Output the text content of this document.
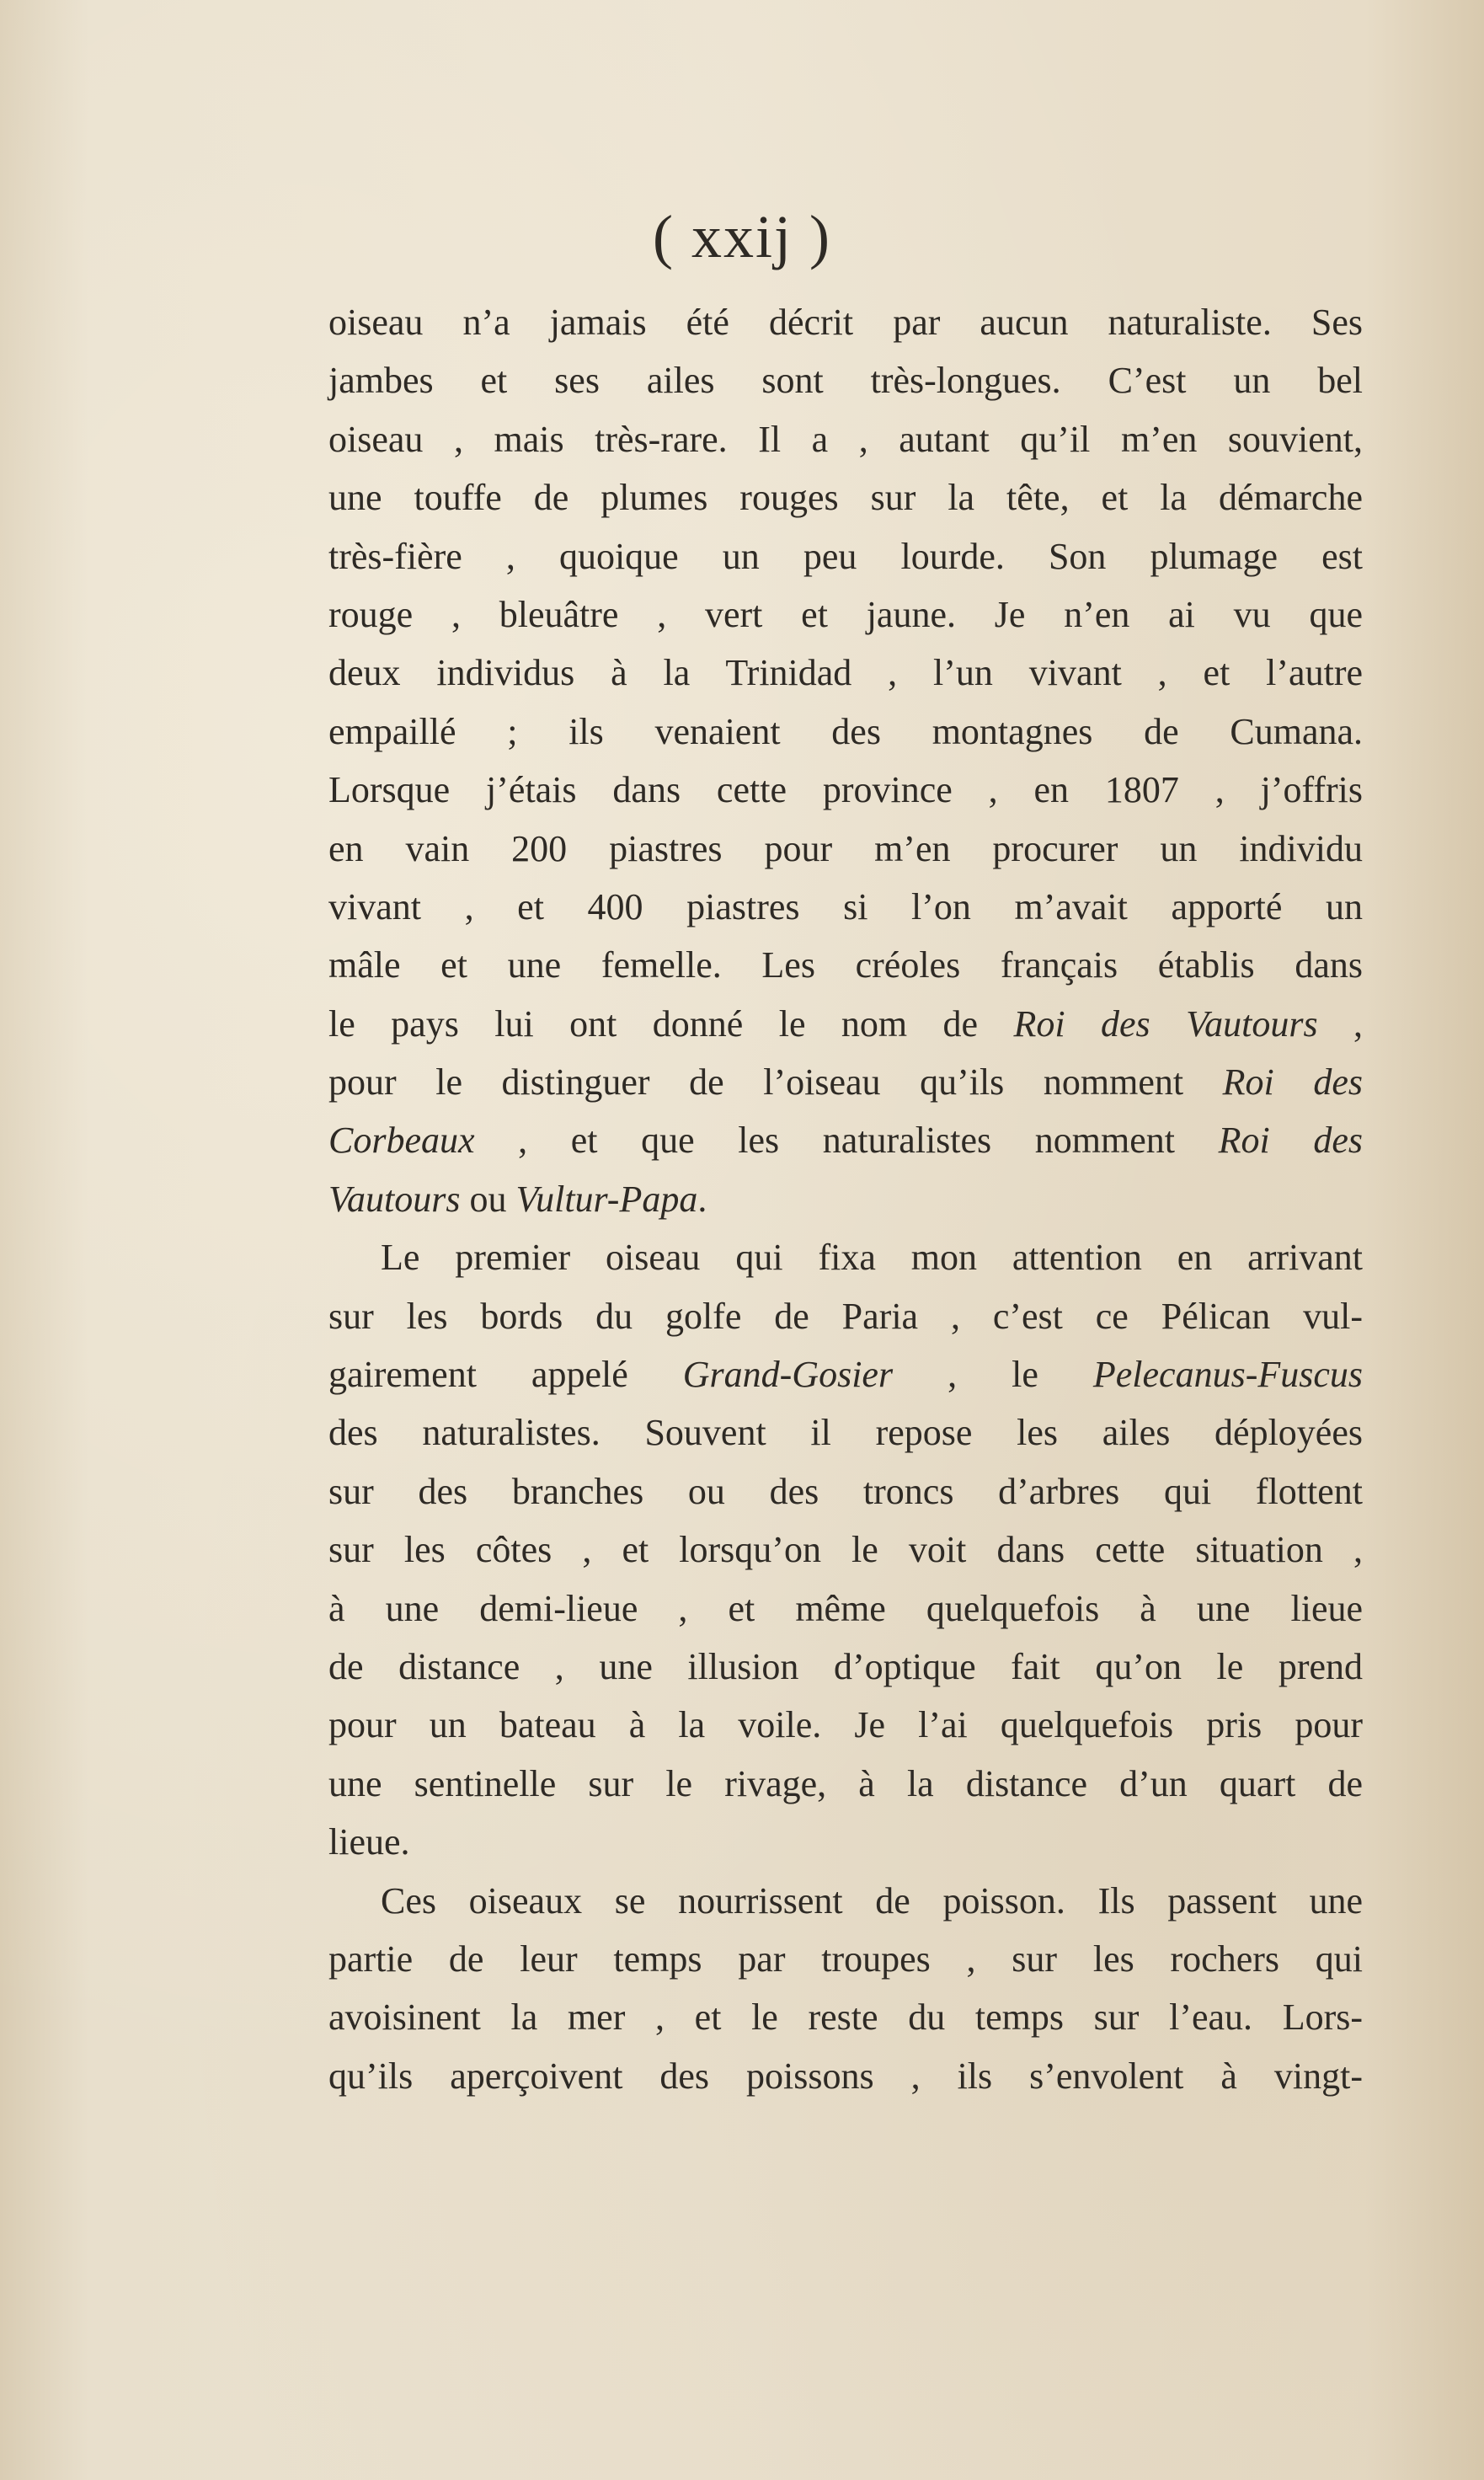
( xxij )
oiseau n’a jamais été décrit par aucun naturaliste. Ses
jambes et ses ailes sont très-longues. C’est un bel
oiseau , mais très-rare. Il a , autant qu’il m’en souvient,
une touffe de plumes rouges sur la tête, et la démarche
très-fière , quoique un peu lourde. Son plumage est
rouge , bleuâtre , vert et jaune. Je n’en ai vu que
deux individus à la Trinidad , l’un vivant , et l’autre
empaillé ; ils venaient des montagnes de Cumana.
Lorsque j’étais dans cette province , en 1807 , j’offris
en vain 200 piastres pour m’en procurer un individu
vivant , et 400 piastres si l’on m’avait apporté un
mâle et une femelle. Les créoles français établis dans
le pays lui ont donné le nom de Roi des Vautours ,
pour le distinguer de l’oiseau qu’ils nomment Roi des
Corbeaux , et que les naturalistes nomment Roi des
Vautours ou Vultur-Papa.
Le premier oiseau qui fixa mon attention en arrivant
sur les bords du golfe de Paria , c’est ce Pélican vul-
gairement appelé Grand-Gosier , le Pelecanus-Fuscus
des naturalistes. Souvent il repose les ailes déployées
sur des branches ou des troncs d’arbres qui flottent
sur les côtes , et lorsqu’on le voit dans cette situation ,
à une demi-lieue , et même quelquefois à une lieue
de distance , une illusion d’optique fait qu’on le prend
pour un bateau à la voile. Je l’ai quelquefois pris pour
une sentinelle sur le rivage, à la distance d’un quart de
lieue.
Ces oiseaux se nourrissent de poisson. Ils passent une
partie de leur temps par troupes , sur les rochers qui
avoisinent la mer , et le reste du temps sur l’eau. Lors-
qu’ils aperçoivent des poissons , ils s’envolent à vingt-
